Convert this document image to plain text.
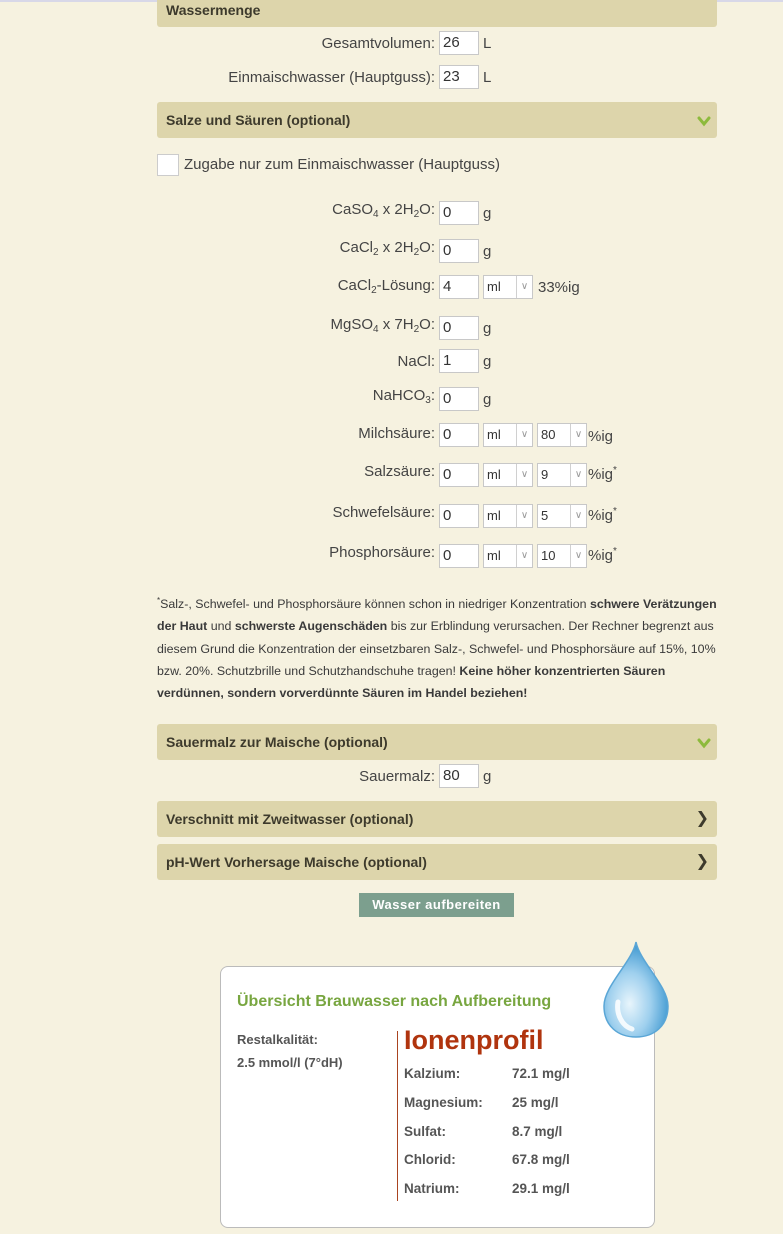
Wassermenge
Gesamtvolumen: 26	L
Einmaischwasser (Hauptguss): 23	L
Salze und Säuren (optional)
Zugabe nur zum Einmaischwasser (Hauptguss)
CaSO$_4$ x $2H_2O$: 0	g
CaCl$_2$ x $2H_2O$: 0	g
CaCl$_2$-Lösung: 4	ml	∨ 33%ig
MgSO$_4$ x $7H_2O$: 0	g
NaCl: 1	g
NaHCO$_3$: 0	g
Milchsäure: 0	ml	∨ 80	∨ %ig
Salzsäure: 0	ml	∨ 9	∨ %ig*
Schwefelsäure: 0	ml	∨ 5	∨ %ig*
Phosphorsäure: 0	ml	∨ 10	∨ %ig*
*Salz-, Schwefel- und Phosphorsäure können schon in niedriger Konzentration schwere Verätzungen der Haut und schwerste Augenschäden bis zur Erblindung verursachen. Der Rechner begrenzt aus diesem Grund die Konzentration der einsetzbaren Salz-, Schwefel- und Phosphorsäure auf 15%, 10% bzw. 20%. Schutzbrille und Schutzhandschuhe tragen! Keine höher konzentrierten Säuren verdünnen, sondern vorverdünnte Säuren im Handel beziehen!
Sauermalz zur Maische (optional)
Sauermalz: 80	g
Verschnitt mit Zweitwasser (optional)	❯
pH-Wert Vorhersage Maische (optional)	❯
Wasser aufbereiten
Übersicht Brauwasser nach Aufbereitung
Restalkalität:
2.5 mmol/l (7°dH)
Ionenprofil
Kalzium:	72.1 mg/l
Magnesium: 25 mg/l
Sulfat:	8.7 mg/l
Chlorid:	67.8 mg/l
Natrium:	29.1 mg/l
